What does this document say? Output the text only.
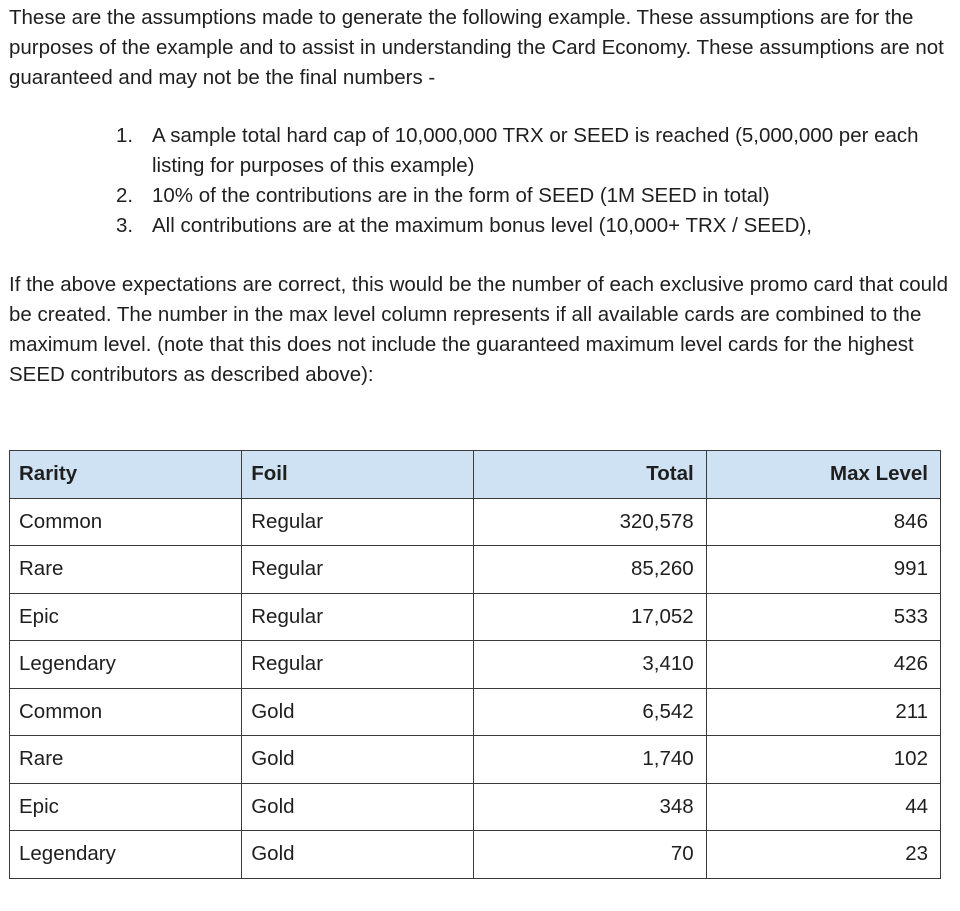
These are the assumptions made to generate the following example. These assumptions are for the purposes of the example and to assist in understanding the Card Economy. These assumptions are not guaranteed and may not be the final numbers -

1. A sample total hard cap of 10,000,000 TRX or SEED is reached (5,000,000 per each listing for purposes of this example)
2. 10% of the contributions are in the form of SEED (1M SEED in total)
3. All contributions are at the maximum bonus level (10,000+ TRX / SEED),

If the above expectations are correct, this would be the number of each exclusive promo card that could be created. The number in the max level column represents if all available cards are combined to the maximum level. (note that this does not include the guaranteed maximum level cards for the highest SEED contributors as described above):

Rarity	Foil	Total	Max Level
Common	Regular	320,578	846
Rare	Regular	85,260	991
Epic	Regular	17,052	533
Legendary	Regular	3,410	426
Common	Gold	6,542	211
Rare	Gold	1,740	102
Epic	Gold	348	44
Legendary	Gold	70	23
